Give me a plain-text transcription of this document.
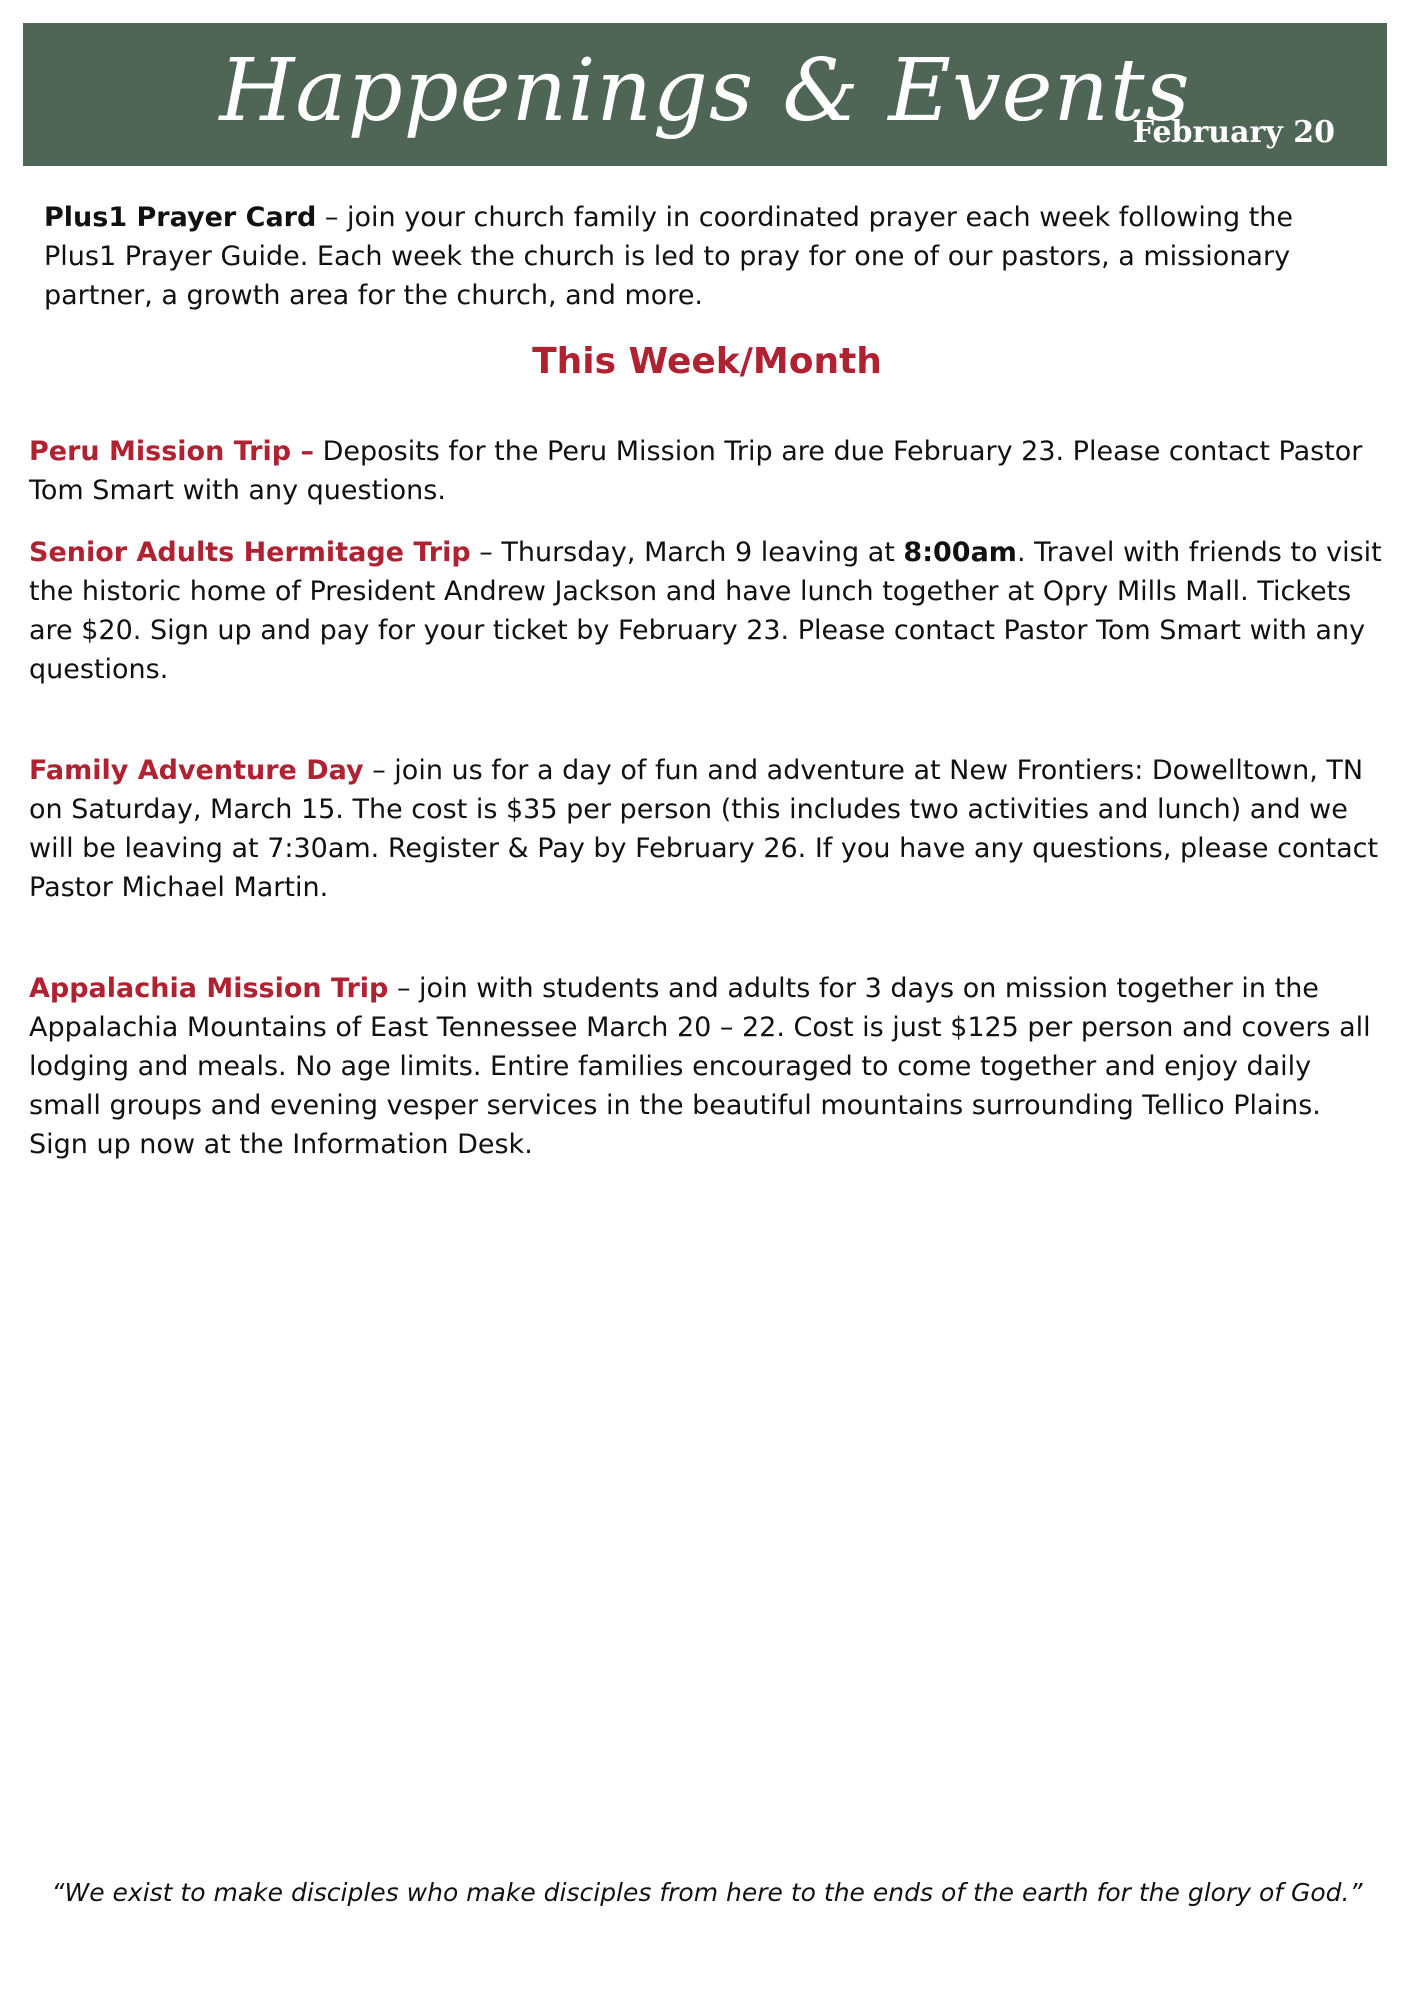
Happenings & Events
February 20

Plus1 Prayer Card – join your church family in coordinated prayer each week following the Plus1 Prayer Guide. Each week the church is led to pray for one of our pastors, a missionary partner, a growth area for the church, and more.

This Week/Month

Peru Mission Trip – Deposits for the Peru Mission Trip are due February 23. Please contact Pastor Tom Smart with any questions.

Senior Adults Hermitage Trip – Thursday, March 9 leaving at 8:00am. Travel with friends to visit the historic home of President Andrew Jackson and have lunch together at Opry Mills Mall. Tickets are $20. Sign up and pay for your ticket by February 23. Please contact Pastor Tom Smart with any questions.

Family Adventure Day – join us for a day of fun and adventure at New Frontiers: Dowelltown, TN on Saturday, March 15. The cost is $35 per person (this includes two activities and lunch) and we will be leaving at 7:30am. Register & Pay by February 26. If you have any questions, please contact Pastor Michael Martin.

Appalachia Mission Trip – join with students and adults for 3 days on mission together in the Appalachia Mountains of East Tennessee March 20 – 22. Cost is just $125 per person and covers all lodging and meals. No age limits. Entire families encouraged to come together and enjoy daily small groups and evening vesper services in the beautiful mountains surrounding Tellico Plains.
Sign up now at the Information Desk.

“We exist to make disciples who make disciples from here to the ends of the earth for the glory of God.”
